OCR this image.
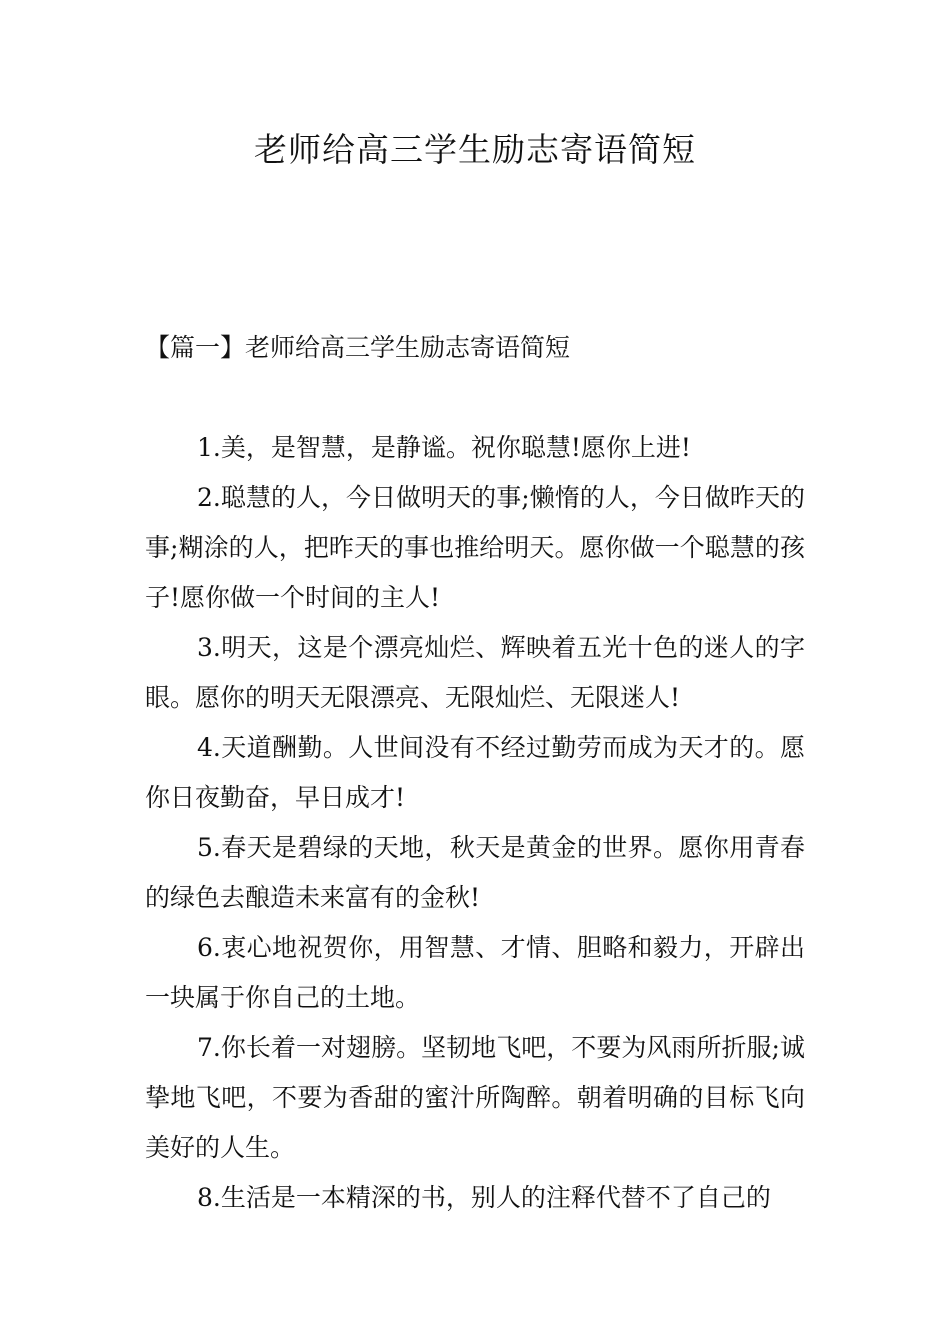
老师给高三学生励志寄语简短
【篇一】老师给高三学生励志寄语简短

1.美，是智慧，是静谧。祝你聪慧!愿你上进!

2.聪慧的人，今日做明天的事;懒惰的人，今日做昨天的事;糊涂的人，把昨天的事也推给明天。愿你做一个聪慧的孩子!愿你做一个时间的主人!

3.明天，这是个漂亮灿烂、辉映着五光十色的迷人的字眼。愿你的明天无限漂亮、无限灿烂、无限迷人!

4.天道酬勤。人世间没有不经过勤劳而成为天才的。愿你日夜勤奋，早日成才!

5.春天是碧绿的天地，秋天是黄金的世界。愿你用青春的绿色去酿造未来富有的金秋!

6.衷心地祝贺你，用智慧、才情、胆略和毅力，开辟出一块属于你自己的土地。

7.你长着一对翅膀。坚韧地飞吧，不要为风雨所折服;诚挚地飞吧，不要为香甜的蜜汁所陶醉。朝着明确的目标飞向美好的人生。

8.生活是一本精深的书，别人的注释代替不了自己的
